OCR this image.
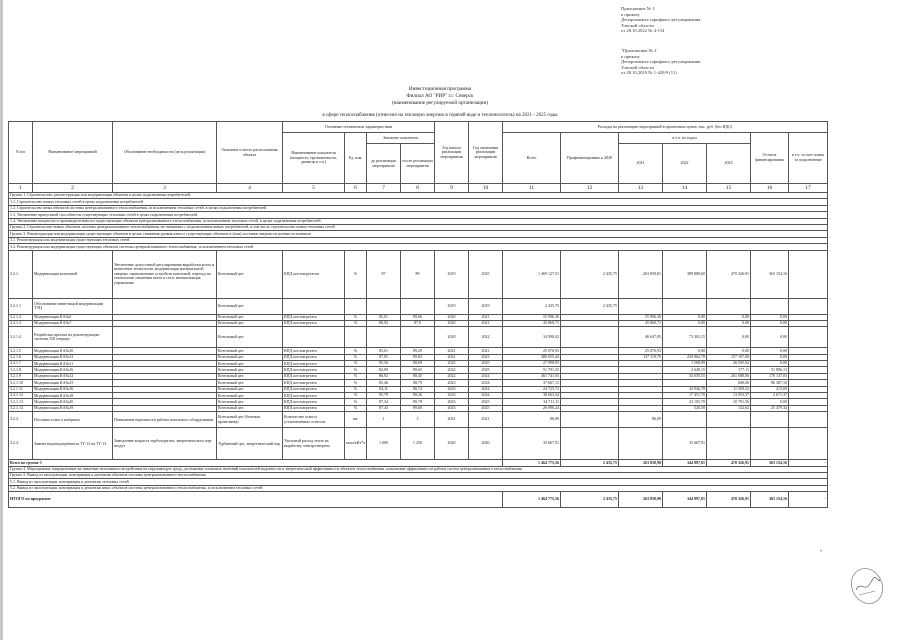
Приложение № 1
к приказу
Департамента тарифного регулирования
Томской области
от 28.10.2022 № 4-154
"Приложение № 2
к приказу
Департамента тарифного регулирования
Томской области
от 28.10.2019 № 1-429/9 (11)
Инвестиционная программа
Филиал АО "РИР" г.г. Северск
(наименование регулируемой организации)
в сфере теплоснабжения (отнесено на тепловую энергию в горячей воде и теплоноситель) на 2021 - 2025 годы
N п/п	Наименование мероприятий	Обоснование необходимости (цель реализации)	Описание и место расположения объекта	Основные технические характеристики				Год начала реализации мероприятия	Год окончания реализации мероприятия	Расходы на реализацию мероприятий в прогнозных ценах, тыс. руб. (без НДС)						
				Наименование показателя (мощность, протяженность, диаметр и т.п.)	Ед. изм.	Значение показателя				Всего	Профинансировано к 2020	в т.ч. по годам			Остаток финансирования	в т.ч. за счет платы за подключение
						до реализации мероприятия	после реализации мероприятия					2021	2022	2023		
1	2	3	4	5	6	7	8	9	10	11	12	13	14	15	16	17
Группа 1. Строительство, реконструкция или модернизация объектов в целях подключения потребителей:																
1.1. Строительство новых тепловых сетей в целях подключения потребителей																
1.2. Строительство иных объектов системы централизованного теплоснабжения, за исключением тепловых сетей, в целях подключения потребителей																
1.3. Увеличение пропускной способности существующих тепловых сетей в целях подключения потребителей																
1.4. Увеличение мощности и производительности существующих объектов централизованного теплоснабжения, за исключением тепловых сетей, в целях подключения потребителей																
Группа 2. Строительство новых объектов системы централизованного теплоснабжения, не связанных с подключением новых потребителей, в том числе строительство новых тепловых сетей																
Группа 3. Реконструкция или модернизация существующих объектов в целях снижения уровня износа существующих объектов и (или) поставки энергии из разных источников																
3.1. Реконструкция или модернизация существующих тепловых сетей																
3.2. Реконструкция или модернизация существующих объектов системы централизованного теплоснабжения, за исключением тепловых сетей																
3.2.1.	Модернизация котельной	Увеличение допустимой регулирования выработки котла и вынесение технологии, модернизация материальной энергии, переключение устройств котельной, переход на технологию снижения котла и сети, автоматизация управления	Котельный цех	КПД котлоагрегатов	%	87	89	2019	2025	1 469 127,51	2 435,75	263 858,81	389 889,60	470 326,91	363 154,16	
3.2.1.1	Обоснование инвестиций модернизации ТЭЦ		Котельный цех					2019	2019	2 435,75	2 435,75					
3.2.1.2	Модернизация КА№5		Котельный цех	КПД котлоагрегата	%	85,01	89,66	2020	2021	55 996,36		55 996,36	0,00	0,00	0,00	
3.2.1.3	Модернизация КА№7		Котельный цех	КПД котлоагрегата	%	86,92	87,9	2020	2021	45 860,71		45 860,71	0,00	0,00	0,00	
3.2.1.4	Разработка проекта на реконструкцию системы ХВ очереди		Котельный цех					2020	2022	34 990,02		46 647,85	73 302,15	0,00	0,00	
3.2.1.5	Модернизация КА№10		Котельный цех	КПД котлоагрегата	%	85,61	89,29	2021	2021	25 076,93		25 076,93	0,00	0,00	0,00	
3.2.1.6	Модернизация КА№13		Котельный цех	КПД котлоагрегата	%	87,05	89,83	2021	2023	480 055,44		137 119,76	220 862,78	157 107,00	0,00	
3.2.1.7	Модернизация КА№11		Котельный цех	КПД котлоагрегата	%	85,56	88,69	2025	2025	27 998,95			1 568,89	26 595,92	0,00	
3.2.1.8	Модернизация КА№16		Котельный цех	КПД котлоагрегата	%	82,09	89,65	2022	2025	51 791,35			2 649,15	177,11	51 896,13	
3.2.1.9	Модернизация КА№12		Котельный цех	КПД котлоагрегата	%	86,92	88,45	2022	2024	461 741,65			34 050,55	261 688,06	176 147,03	
3.2.1.10	Модернизация КА№15		Котельный цех	КПД котлоагрегата	%	85,46	88,79	2023	2024	37 667,13				600,06	86 387,10	
3.2.1.11	Модернизация КА№16		Котельный цех	КПД котлоагрегата	%	84,11	88,74	2023	2024	24 725,72			34 946,78	11 509,52	215,69	
3.2.1.12	Модернизация КА№18		Котельный цех	КПД котлоагрегата	%	85,79	89,26	2023	2024	38 663,34			17 451,70	13 953,57	2 671,37	
3.2.1.13	Модернизация КА№20		Котельный цех	КПД котлоагрегата	%	87,34	89,79	2023	2025	34 711,11			23 105,70	10 791,56	0,00	
3.2.1.14	Модернизация КА№19		Котельный цех	КПД котлоагрегата	%	87,43	89,60	2023	2025	26 096,24			526,58	132,62	25 479,34	
3.2.2.	Поставка осмоса кэтерных	Повышение надежности работы котельного оборудования	Котельный цех (бытовая кровельная)	Количество осмоса установленных осмосов	шт.	1	3	2021	2021	86,09		86,09				
3.2.3.	Замена водоподогревателя ТГ-12 на ТГ-13	Замедление возраста турбоагрегата, энергетического пар-воздух	Турбинный цех, энергетический пар	Удельный расход тепла на выработку электроэнергии	ккал/кВт*ч	1 600	1 250	2020	2020	35 667,91			35 667,91			
Всего по группе 3										1 464 775,56	2 435,75	263 858,90	344 997,81	470 326,91	363 154,16	-
Группа 4. Мероприятия, направленные на снижение негативного воздействия на окружающую среду, достижение плановых значений показателей надежности и энергетической эффективности объектов теплоснабжения, повышение эффективности работы систем централизованного теплоснабжения																
Группа 5. Вывод из эксплуатации, консервация и демонтаж объектов системы централизованного теплоснабжения																
5.1. Вывод из эксплуатации, консервация и демонтаж тепловых сетей																
5.2. Вывод из эксплуатации, консервация и демонтаж иных объектов системы централизованного теплоснабжения, за исключением тепловых сетей																
ИТОГО по программе										1 464 775,56	2 435,75	263 858,90	344 997,81	470 326,91	363 154,16	-
*
